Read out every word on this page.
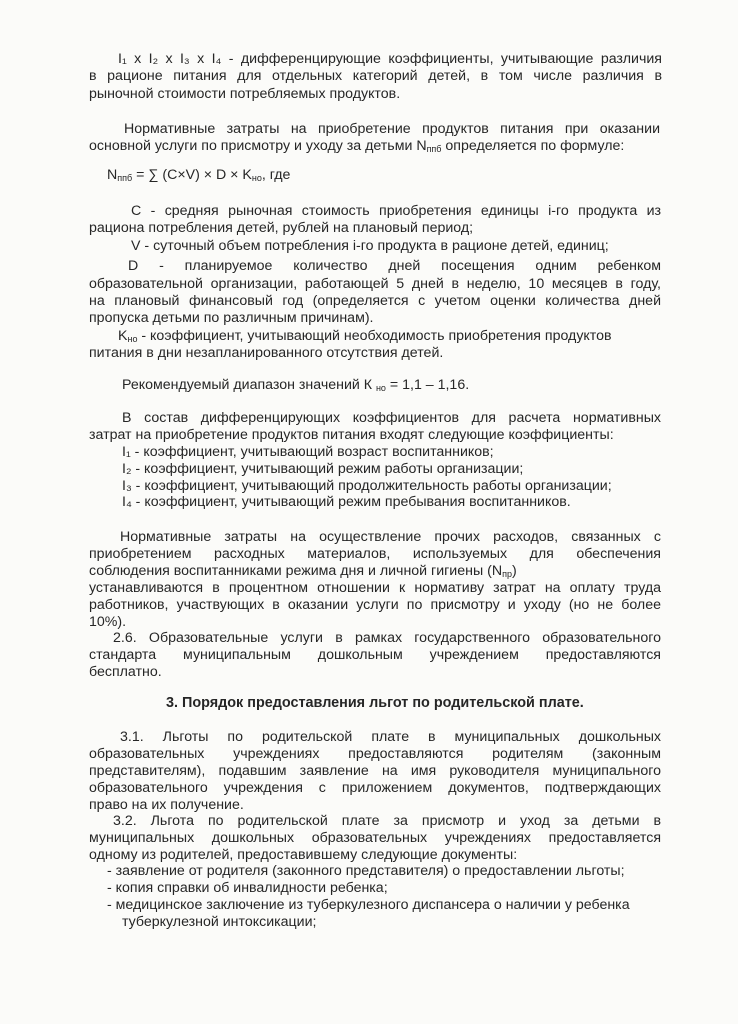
I₁ x I₂ x I₃ x I₄ - дифференцирующие коэффициенты, учитывающие различия
в рационе питания для отдельных категорий детей, в том числе различия в
рыночной стоимости потребляемых продуктов.
Нормативные затраты на приобретение продуктов питания при оказании
основной услуги по присмотру и уходу за детьми $N_{ппб}$ определяется по формуле:
$N_{ппб}$ = ∑ $(C\times V) \times D \times K_{но}$, где
C - средняя рыночная стоимость приобретения единицы i-го продукта из
рациона потребления детей, рублей на плановый период;
V - суточный объем потребления i-го продукта в рационе детей, единиц;
D - планируемое количество дней посещения одним ребенком
образовательной организации, работающей 5 дней в неделю, 10 месяцев в году,
на плановый финансовый год (определяется с учетом оценки количества дней
пропуска детьми по различным причинам).
$K_{но}$ - коэффициент, учитывающий необходимость приобретения продуктов
питания в дни незапланированного отсутствия детей.
Рекомендуемый диапазон значений К $_{но}$ = 1,1 – 1,16.
В состав дифференцирующих коэффициентов для расчета нормативных
затрат на приобретение продуктов питания входят следующие коэффициенты:
I₁ - коэффициент, учитывающий возраст воспитанников;
I₂ - коэффициент, учитывающий режим работы организации;
I₃ - коэффициент, учитывающий продолжительность работы организации;
I₄ - коэффициент, учитывающий режим пребывания воспитанников.
Нормативные затраты на осуществление прочих расходов, связанных с
приобретением расходных материалов, используемых для обеспечения
соблюдения воспитанниками режима дня и личной гигиены $(N_{пр})$
устанавливаются в процентном отношении к нормативу затрат на оплату труда
работников, участвующих в оказании услуги по присмотру и уходу (но не более
10%).
2.6. Образовательные услуги в рамках государственного образовательного
стандарта муниципальным дошкольным учреждением предоставляются
бесплатно.
3. Порядок предоставления льгот по родительской плате.
3.1. Льготы по родительской плате в муниципальных дошкольных
образовательных учреждениях предоставляются родителям (законным
представителям), подавшим заявление на имя руководителя муниципального
образовательного учреждения с приложением документов, подтверждающих
право на их получение.
3.2. Льгота по родительской плате за присмотр и уход за детьми в
муниципальных дошкольных образовательных учреждениях предоставляется
одному из родителей, предоставившему следующие документы:
- заявление от родителя (законного представителя) о предоставлении льготы;
- копия справки об инвалидности ребенка;
- медицинское заключение из туберкулезного диспансера о наличии у ребенка
туберкулезной интоксикации;
